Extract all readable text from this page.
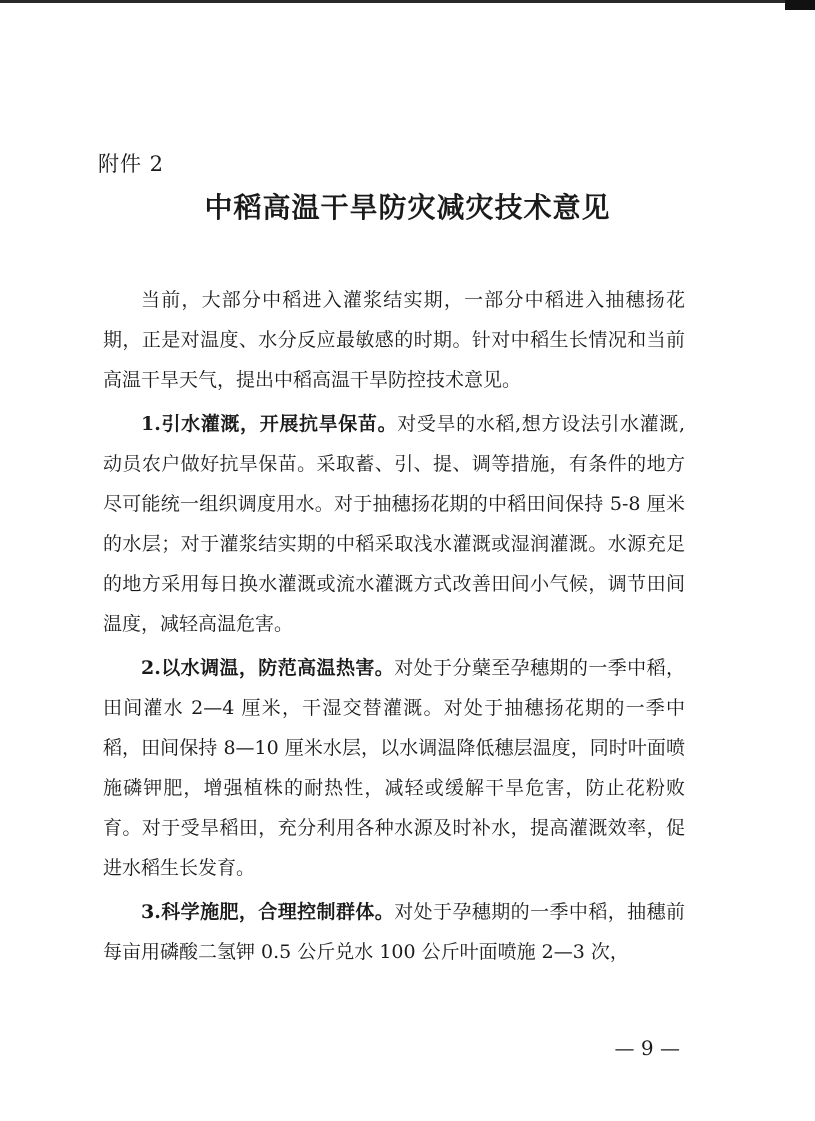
附件 2
中稻高温干旱防灾减灾技术意见

当前，大部分中稻进入灌浆结实期，一部分中稻进入抽穗扬花期，正是对温度、水分反应最敏感的时期。针对中稻生长情况和当前高温干旱天气，提出中稻高温干旱防控技术意见。

1.引水灌溉，开展抗旱保苗。对受旱的水稻,想方设法引水灌溉,动员农户做好抗旱保苗。采取蓄、引、提、调等措施，有条件的地方尽可能统一组织调度用水。对于抽穗扬花期的中稻田间保持 5-8 厘米的水层；对于灌浆结实期的中稻采取浅水灌溉或湿润灌溉。水源充足的地方采用每日换水灌溉或流水灌溉方式改善田间小气候，调节田间温度，减轻高温危害。

2.以水调温，防范高温热害。对处于分蘖至孕穗期的一季中稻，田间灌水 2—4 厘米，干湿交替灌溉。对处于抽穗扬花期的一季中稻，田间保持 8—10 厘米水层，以水调温降低穗层温度，同时叶面喷施磷钾肥，增强植株的耐热性，减轻或缓解干旱危害，防止花粉败育。对于受旱稻田，充分利用各种水源及时补水，提高灌溉效率，促进水稻生长发育。

3.科学施肥，合理控制群体。对处于孕穗期的一季中稻，抽穗前每亩用磷酸二氢钾 0.5 公斤兑水 100 公斤叶面喷施 2—3 次，

— 9 —
